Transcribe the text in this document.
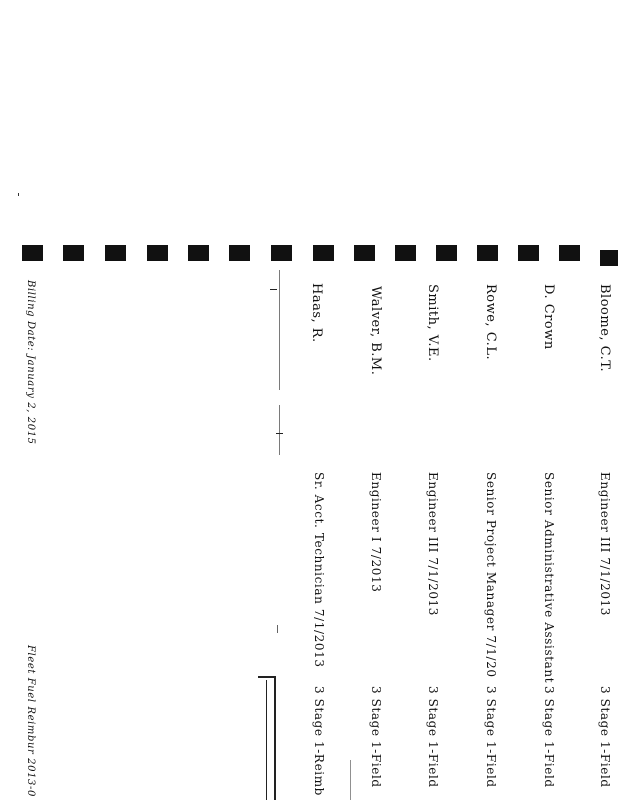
Billing Date: January 2, 2015
Fleet Fuel Reimbur 2013-0
Haas, R.
Sr. Acct. Technician 7/1/2013
3 Stage 1-Reimb
Walver, B.M.
Engineer I 7/2013
3 Stage 1-Field
Smith, V.E.
Engineer III 7/1/2013
3 Stage 1-Field
Rowe, C.L.
Senior Project Manager 7/1/20
3 Stage 1-Field
D. Crown
Senior Administrative Assistant
3 Stage 1-Field
Bloome, C.T.
Engineer III 7/1/2013
3 Stage 1-Field
